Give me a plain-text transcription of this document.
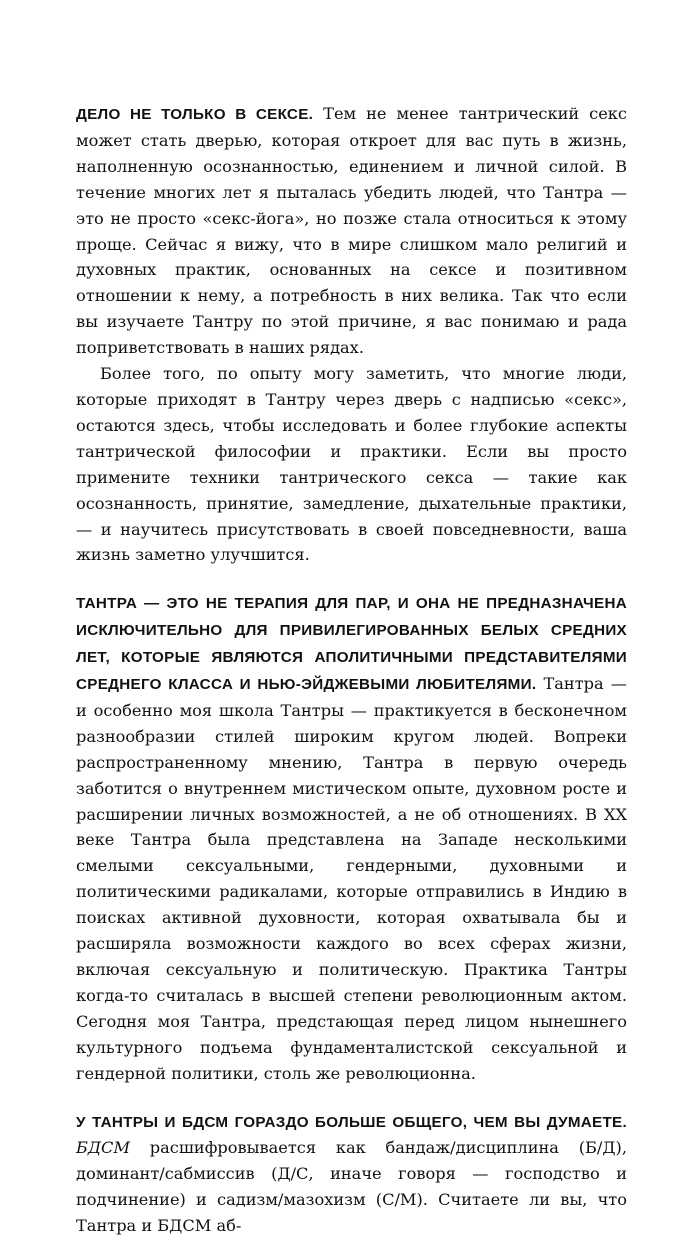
ДЕЛО НЕ ТОЛЬКО В СЕКСЕ. Тем не менее тантрический секс может стать дверью, которая откроет для вас путь в жизнь, наполненную осознанностью, единением и личной силой. В течение многих лет я пыталась убедить людей, что Тантра — это не просто «секс-йога», но позже стала относиться к этому проще. Сейчас я вижу, что в мире слишком мало религий и духовных практик, основанных на сексе и позитивном отношении к нему, а потребность в них велика. Так что если вы изучаете Тантру по этой причине, я вас понимаю и рада поприветствовать в наших рядах.

Более того, по опыту могу заметить, что многие люди, которые приходят в Тантру через дверь с надписью «секс», остаются здесь, чтобы исследовать и более глубокие аспекты тантрической философии и практики. Если вы просто примените техники тантрического секса — такие как осознанность, принятие, замедление, дыхательные практики, — и научитесь присутствовать в своей повседневности, ваша жизнь заметно улучшится.

ТАНТРА — ЭТО НЕ ТЕРАПИЯ ДЛЯ ПАР, И ОНА НЕ ПРЕДНАЗНАЧЕНА ИСКЛЮЧИТЕЛЬНО ДЛЯ ПРИВИЛЕГИРОВАННЫХ БЕЛЫХ СРЕДНИХ ЛЕТ, КОТОРЫЕ ЯВЛЯЮТСЯ АПОЛИТИЧНЫМИ ПРЕДСТАВИТЕЛЯМИ СРЕДНЕГО КЛАССА И НЬЮ-ЭЙДЖЕВЫМИ ЛЮБИТЕЛЯМИ. Тантра — и особенно моя школа Тантры — практикуется в бесконечном разнообразии стилей широким кругом людей. Вопреки распространенному мнению, Тантра в первую очередь заботится о внутреннем мистическом опыте, духовном росте и расширении личных возможностей, а не об отношениях. В XX веке Тантра была представлена на Западе несколькими смелыми сексуальными, гендерными, духовными и политическими радикалами, которые отправились в Индию в поисках активной духовности, которая охватывала бы и расширяла возможности каждого во всех сферах жизни, включая сексуальную и политическую. Практика Тантры когда-то считалась в высшей степени революционным актом. Сегодня моя Тантра, предстающая перед лицом нынешнего культурного подъема фундаменталистской сексуальной и гендерной политики, столь же революционна.

У ТАНТРЫ И БДСМ ГОРАЗДО БОЛЬШЕ ОБЩЕГО, ЧЕМ ВЫ ДУМАЕТЕ. БДСМ расшифровывается как бандаж/дисциплина (Б/Д), доминант/сабмиссив (Д/С, иначе говоря — господство и подчинение) и садизм/мазохизм (С/М). Считаете ли вы, что Тантра и БДСМ аб-
